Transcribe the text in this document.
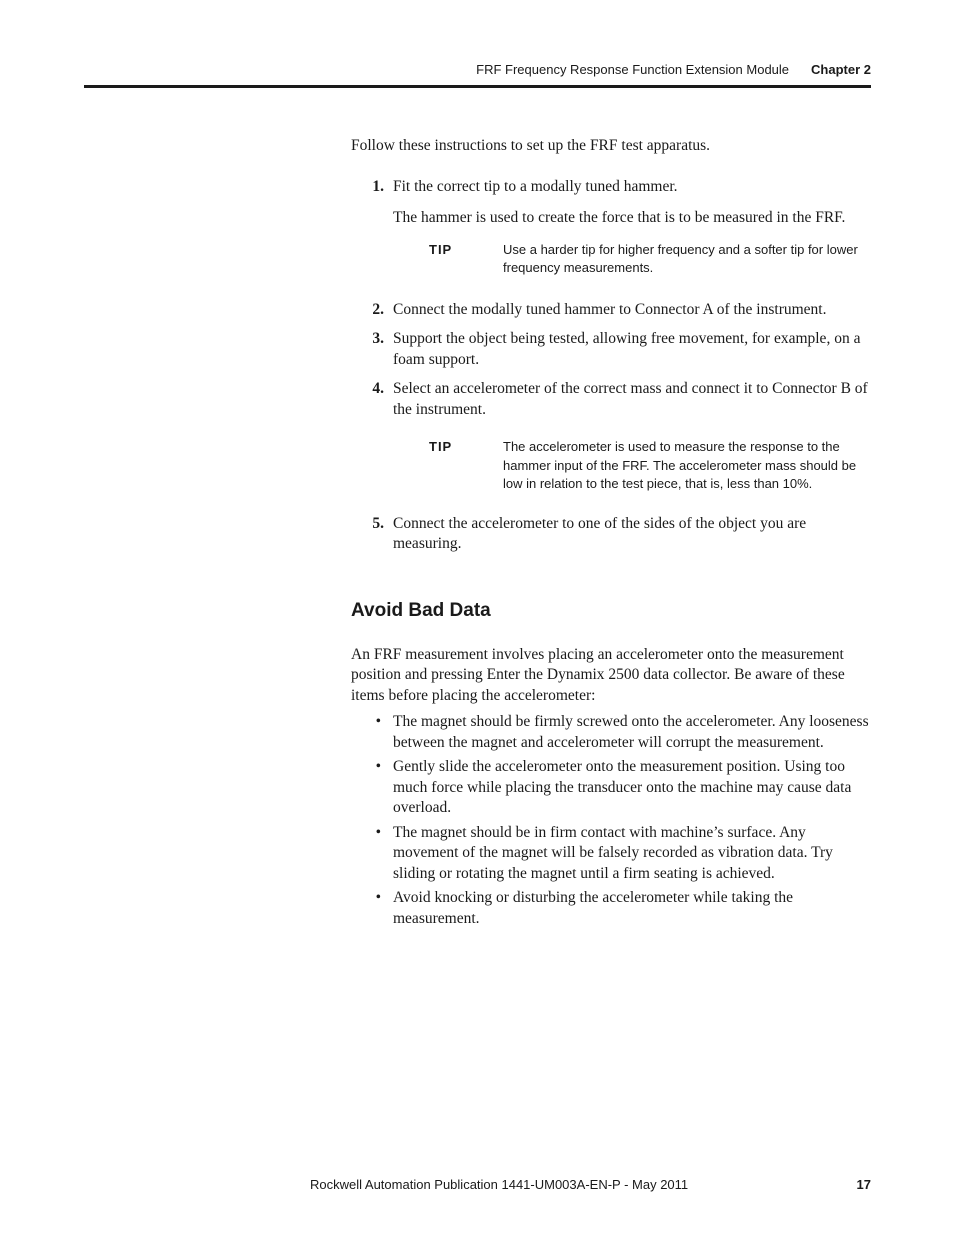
FRF Frequency Response Function Extension Module Chapter 2

Follow these instructions to set up the FRF test apparatus.

1. Fit the correct tip to a modally tuned hammer.

The hammer is used to create the force that is to be measured in the FRF.

TIP	Use a harder tip for higher frequency and a softer tip for lower frequency measurements.
2. Connect the modally tuned hammer to Connector A of the instrument.
3. Support the object being tested, allowing free movement, for example, on a foam support.
4. Select an accelerometer of the correct mass and connect it to Connector B of the instrument.
TIP	The accelerometer is used to measure the response to the hammer input of the FRF. The accelerometer mass should be low in relation to the test piece, that is, less than 10%.
5. Connect the accelerometer to one of the sides of the object you are measuring.
Avoid Bad Data

An FRF measurement involves placing an accelerometer onto the measurement position and pressing Enter the Dynamix 2500 data collector. Be aware of these items before placing the accelerometer:

• The magnet should be firmly screwed onto the accelerometer. Any looseness between the magnet and accelerometer will corrupt the measurement.
• Gently slide the accelerometer onto the measurement position. Using too much force while placing the transducer onto the machine may cause data overload.
• The magnet should be in firm contact with machine’s surface. Any movement of the magnet will be falsely recorded as vibration data. Try sliding or rotating the magnet until a firm seating is achieved.
• Avoid knocking or disturbing the accelerometer while taking the measurement.
Rockwell Automation Publication 1441-UM003A-EN-P - May 2011	17
